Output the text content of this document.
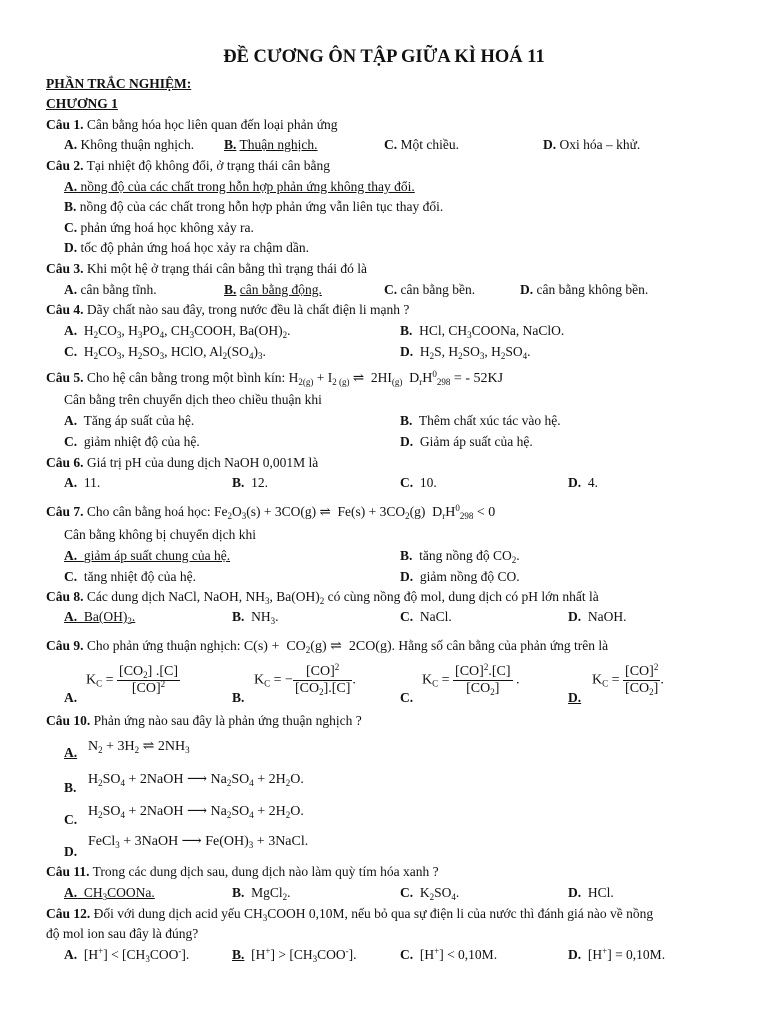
ĐỀ CƯƠNG ÔN TẬP GIỮA KÌ HOÁ 11
PHẦN TRẮC NGHIỆM:
CHƯƠNG 1
Câu 1. Cân bằng hóa học liên quan đến loại phản ứng
A. Không thuận nghịch. B. Thuận nghịch.	C. Một chiều.	D. Oxi hóa – khử.
Câu 2. Tại nhiệt độ không đổi, ở trạng thái cân bằng
A. nồng độ của các chất trong hỗn hợp phản ứng không thay đổi.
B. nồng độ của các chất trong hỗn hợp phản ứng vẫn liên tục thay đổi.
C. phản ứng hoá học không xảy ra.
D. tốc độ phản ứng hoá học xảy ra chậm dần.
Câu 3. Khi một hệ ở trạng thái cân bằng thì trạng thái đó là
A. cân bằng tĩnh.	B. cân bằng động.	C. cân bằng bền.	D. cân bằng không bền.
Câu 4. Dãy chất nào sau đây, trong nước đều là chất điện li mạnh ?
A.  $H_2CO_3$, $H_3PO_4$, $CH_3COOH$, $Ba(OH)_2$.	B.  HCl, $CH_3COONa$, NaClO.
C.  $H_2CO_3$, $H_2SO_3$, HClO, $Al_2(SO_4)_3$.	D.  $H_2S$, $H_2SO_3$, $H_2SO_4$.
Câu 5. Cho hệ cân bằng trong một bình kín: $H_{2(g)} + I_{2 (g)}$ ⇌  $2HI_{(g)}$ $D_rH^0_{298}$ = - 52KJ
Cân bằng trên chuyển dịch theo chiều thuận khi
A. Tăng áp suất của hệ.	B. Thêm chất xúc tác vào hệ.
C. giảm nhiệt độ của hệ.	D. Giảm áp suất của hệ.
Câu 6. Giá trị pH của dung dịch NaOH 0,001M là
A. 11.	B. 12.	C. 10.	D. 4.
Câu 7. Cho cân bằng hoá học: $Fe_2O_3(s) + 3CO(g)$ ⇌  $Fe(s) + 3CO_2(g) D_rH^0_{298} < 0$
Cân bằng không bị chuyển dịch khi
A. giảm áp suất chung của hệ.	B.  tăng nồng độ $CO_2$.
C. tăng nhiệt độ của hệ.	D.  giảm nồng độ CO.
Câu 8. Các dung dịch NaCl, NaOH, $NH_3$, $Ba(OH)_2$ có cùng nồng độ mol, dung dịch có pH lớn nhất là
A.  $Ba(OH)_2$.	B.  $NH_3$.	C. NaCl.	D. NaOH.
Câu 9. Cho phản ứng thuận nghịch: $C(s) + CO_2(g)$ ⇌  2CO(g). Hằng số cân bằng của phản ứng trên là
A.
$K_C = \frac{[CO_2] .[C]}{[CO]^2}$
B.
$K_C$ = − $\frac{[CO]^2}{[CO_2].[C]}$ .
C.
$K_C = \frac{[CO]^2.[C]}{[CO_2]}$ .
D.
$K_C = \frac{[CO]^2}{[CO_2]}$ .
Câu 10. Phản ứng nào sau đây là phản ứng thuận nghịch ?
A. $N_2 + 3H_2$ ⇌ $2NH_3$
B.
$H_2SO_4$ + 2NaOH ⟶ $Na_2SO_4 + 2H_2O$.
C.
$H_2SO_4$ + 2NaOH ⟶ $Na_2SO_4 + 2H_2O$.
D.
FeCl$_3$ + 3NaOH ⟶ $Fe(OH)_3$ + 3NaCl.
Câu 11. Trong các dung dịch sau, dung dịch nào làm quỳ tím hóa xanh ?
A.  $CH_3COONa$.	B.  MgCl$_2$.	C.  $K_2SO_4$.	D. HCl.
Câu 12. Đối với dung dịch acid yếu $CH_3COOH$ 0,10M, nếu bỏ qua sự điện li của nước thì đánh giá nào về nồng
độ mol ion sau đây là đúng?
A.  $[H^+] < [CH_3COO^-]$.	B.  $[H^+] > [CH_3COO^-]$.	C.  [H+] < 0,10M.	D.  [H+] = 0,10M.
